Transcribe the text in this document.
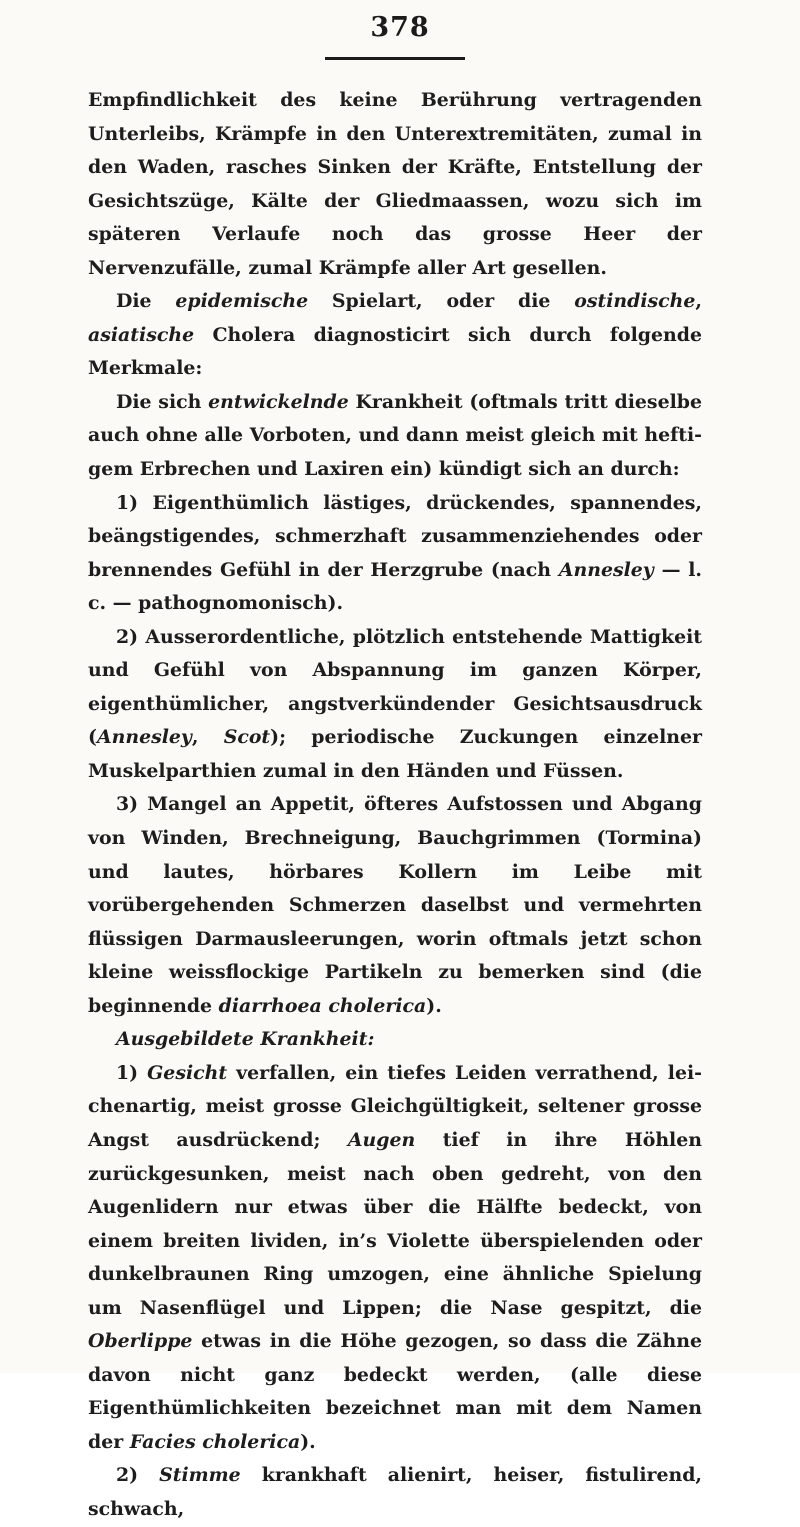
378

Empfindlichkeit des keine Berührung vertragenden Unterleibs, Krämpfe in den Unterextremitäten, zumal in den Waden, rasches Sinken der Kräfte, Entstellung der Gesichtszüge, Kälte der Gliedmaassen, wozu sich im späteren Verlaufe noch das grosse Heer der Nervenzufälle, zumal Krämpfe aller Art gesellen.

Die epidemische Spielart, oder die ostindische, asiatische Cholera diagnosticirt sich durch folgende Merkmale:

Die sich entwickelnde Krankheit (oftmals tritt dieselbe auch ohne alle Vorboten, und dann meist gleich mit heftigem Erbrechen und Laxiren ein) kündigt sich an durch:

1) Eigenthümlich lästiges, drückendes, spannendes, beängstigendes, schmerzhaft zusammenziehendes oder brennendes Gefühl in der Herzgrube (nach Annesley — l. c. — pathognomonisch).

2) Ausserordentliche, plötzlich entstehende Mattigkeit und Gefühl von Abspannung im ganzen Körper, eigenthümlicher, angstverkündender Gesichtsausdruck (Annesley, Scot); periodische Zuckungen einzelner Muskelparthien zumal in den Händen und Füssen.

3) Mangel an Appetit, öfteres Aufstossen und Abgang von Winden, Brechneigung, Bauchgrimmen (Tormina) und lautes, hörbares Kollern im Leibe mit vorübergehenden Schmerzen daselbst und vermehrten flüssigen Darmausleerungen, worin oftmals jetzt schon kleine weissflockige Partikeln zu bemerken sind (die beginnende diarrhoea cholerica).

Ausgebildete Krankheit:

1) Gesicht verfallen, ein tiefes Leiden verrathend, leichenartig, meist grosse Gleichgültigkeit, seltener grosse Angst ausdrückend; Augen tief in ihre Höhlen zurückgesunken, meist nach oben gedreht, von den Augenlidern nur etwas über die Hälfte bedeckt, von einem breiten lividen, in’s Violette überspielenden oder dunkelbraunen Ring umzogen, eine ähnliche Spielung um Nasenflügel und Lippen; die Nase gespitzt, die Oberlippe etwas in die Höhe gezogen, so dass die Zähne davon nicht ganz bedeckt werden, (alle diese Eigenthümlichkeiten bezeichnet man mit dem Namen der Facies cholerica).

2) Stimme krankhaft alienirt, heiser, fistulirend, schwach,
